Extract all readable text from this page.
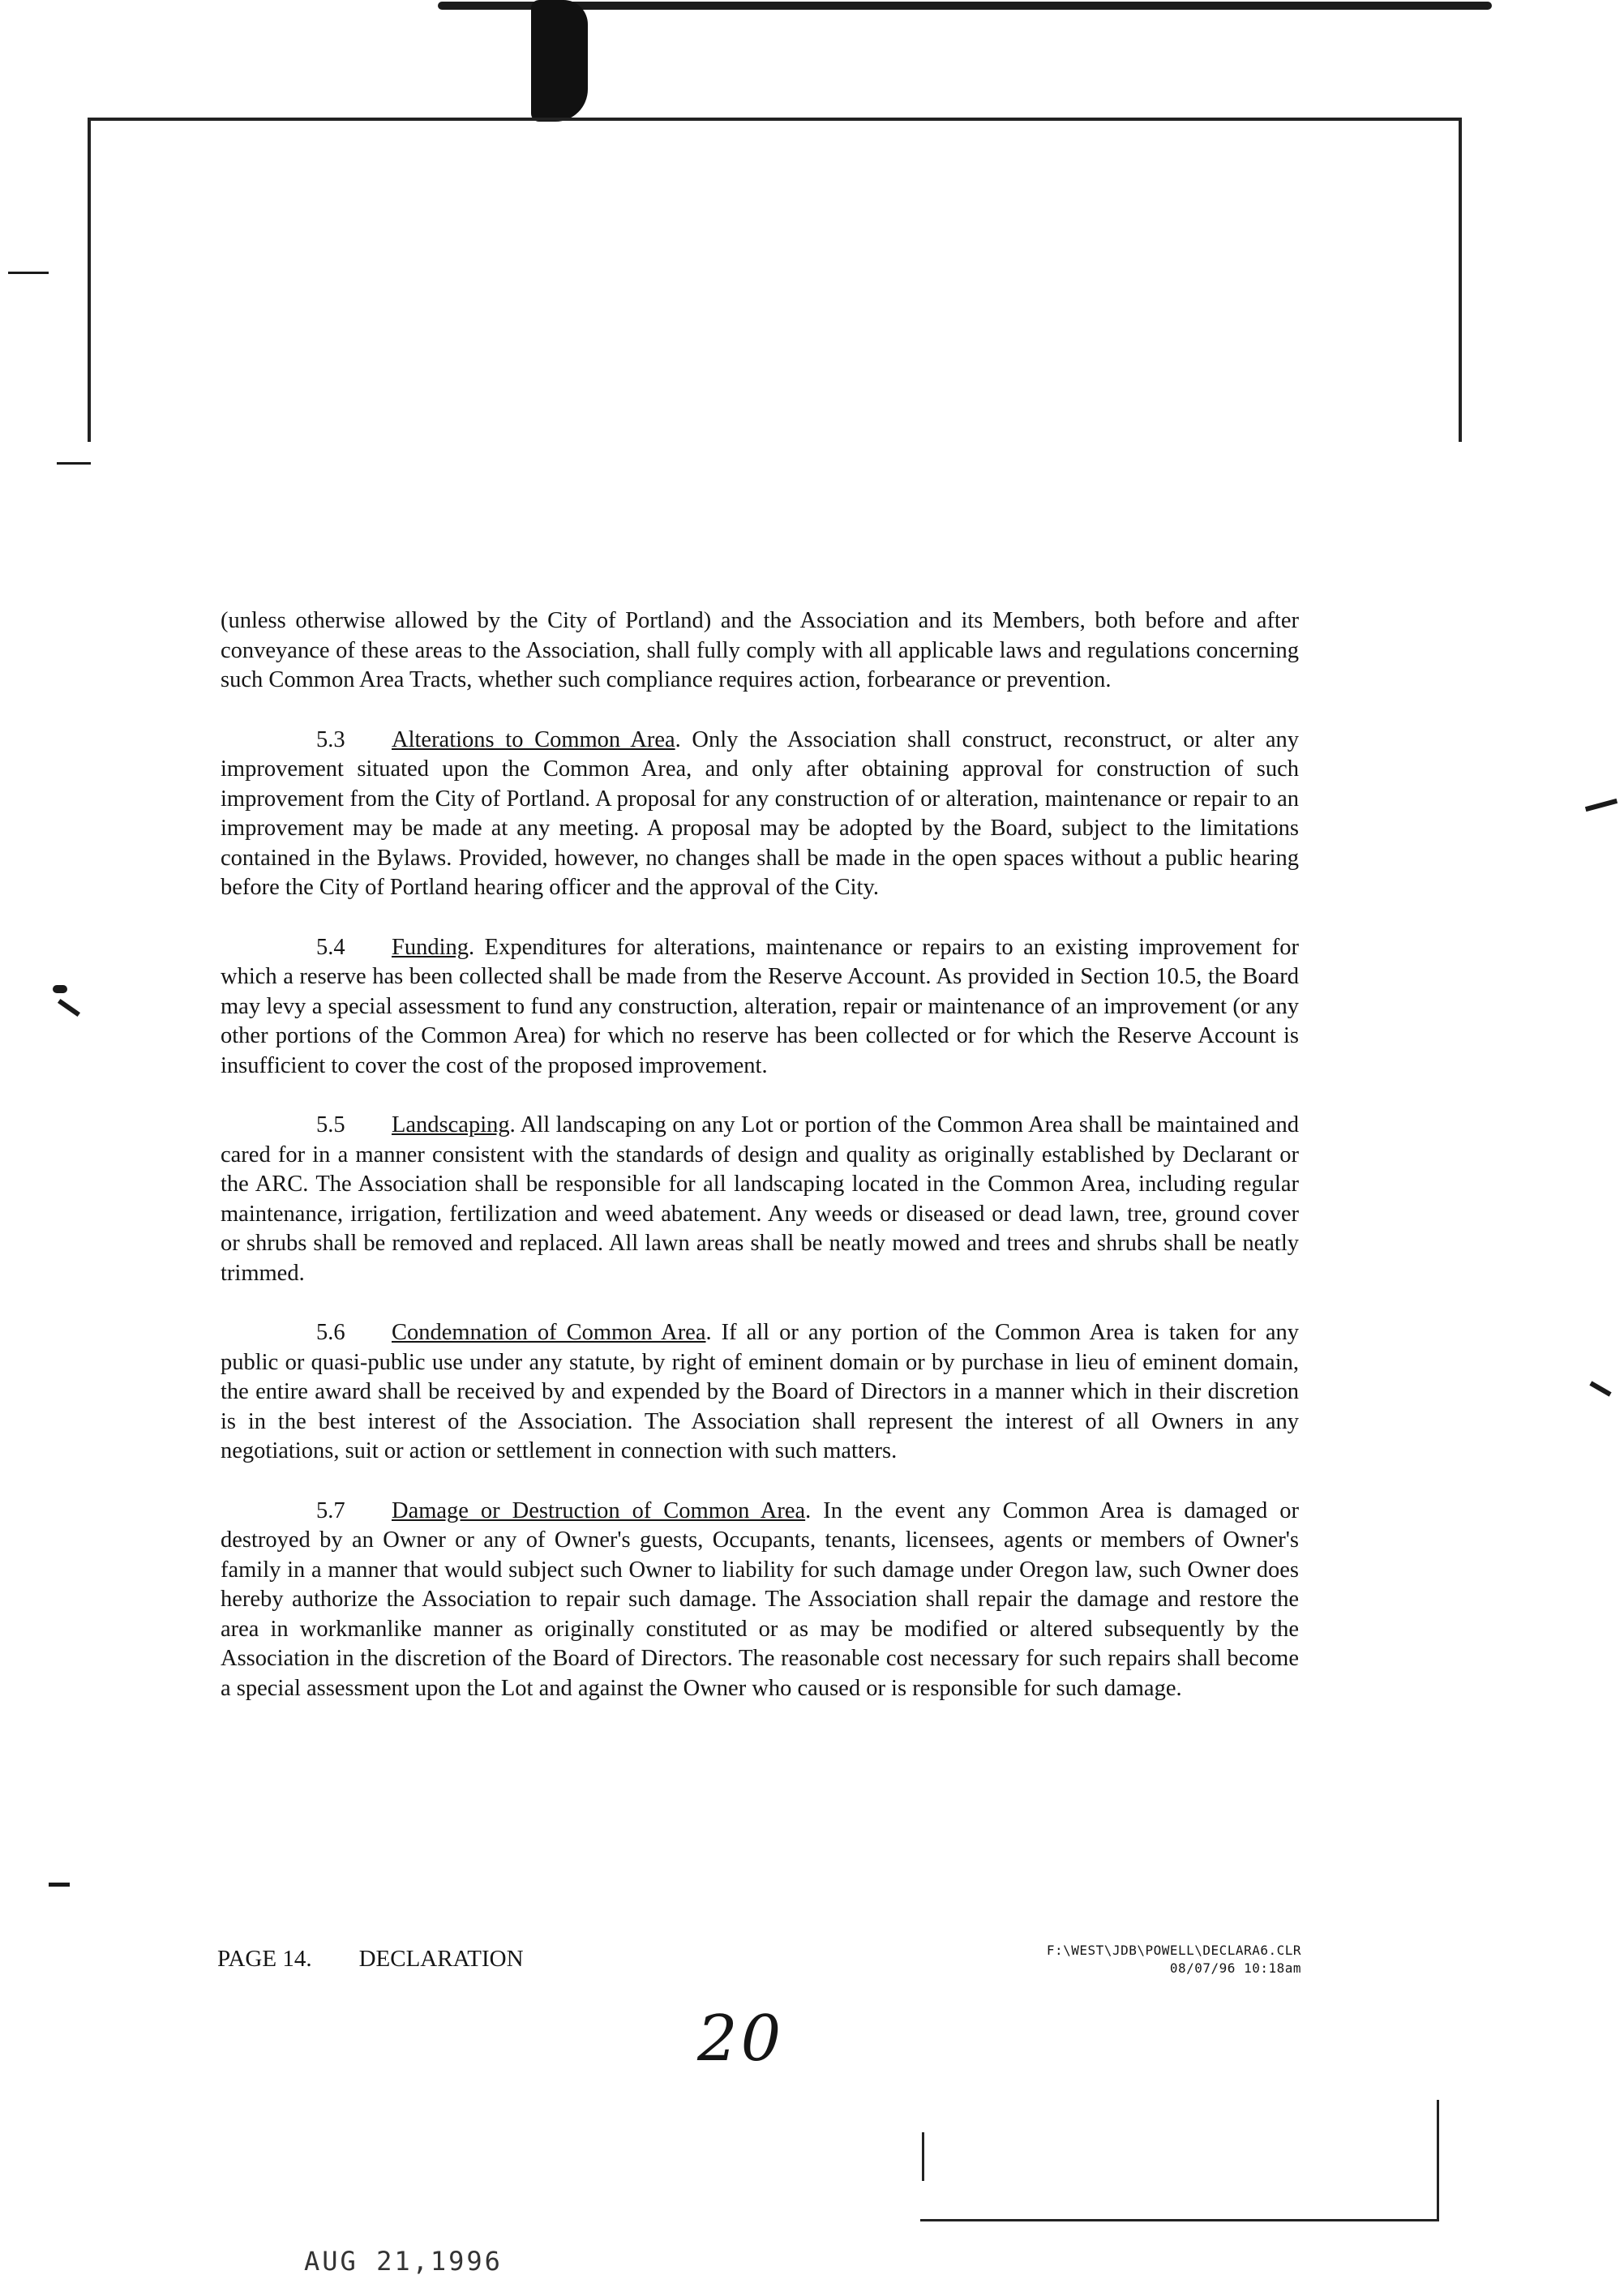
(unless otherwise allowed by the City of Portland) and the Association and its Members, both before and after conveyance of these areas to the Association, shall fully comply with all applicable laws and regulations concerning such Common Area Tracts, whether such compliance requires action, forbearance or prevention.

5.3 Alterations to Common Area. Only the Association shall construct, reconstruct, or alter any improvement situated upon the Common Area, and only after obtaining approval for construction of such improvement from the City of Portland. A proposal for any construction of or alteration, maintenance or repair to an improvement may be made at any meeting. A proposal may be adopted by the Board, subject to the limitations contained in the Bylaws. Provided, however, no changes shall be made in the open spaces without a public hearing before the City of Portland hearing officer and the approval of the City.

5.4 Funding. Expenditures for alterations, maintenance or repairs to an existing improvement for which a reserve has been collected shall be made from the Reserve Account. As provided in Section 10.5, the Board may levy a special assessment to fund any construction, alteration, repair or maintenance of an improvement (or any other portions of the Common Area) for which no reserve has been collected or for which the Reserve Account is insufficient to cover the cost of the proposed improvement.

5.5 Landscaping. All landscaping on any Lot or portion of the Common Area shall be maintained and cared for in a manner consistent with the standards of design and quality as originally established by Declarant or the ARC. The Association shall be responsible for all landscaping located in the Common Area, including regular maintenance, irrigation, fertilization and weed abatement. Any weeds or diseased or dead lawn, tree, ground cover or shrubs shall be removed and replaced. All lawn areas shall be neatly mowed and trees and shrubs shall be neatly trimmed.

5.6 Condemnation of Common Area. If all or any portion of the Common Area is taken for any public or quasi-public use under any statute, by right of eminent domain or by purchase in lieu of eminent domain, the entire award shall be received by and expended by the Board of Directors in a manner which in their discretion is in the best interest of the Association. The Association shall represent the interest of all Owners in any negotiations, suit or action or settlement in connection with such matters.

5.7 Damage or Destruction of Common Area. In the event any Common Area is damaged or destroyed by an Owner or any of Owner's guests, Occupants, tenants, licensees, agents or members of Owner's family in a manner that would subject such Owner to liability for such damage under Oregon law, such Owner does hereby authorize the Association to repair such damage. The Association shall repair the damage and restore the area in workmanlike manner as originally constituted or as may be modified or altered subsequently by the Association in the discretion of the Board of Directors. The reasonable cost necessary for such repairs shall become a special assessment upon the Lot and against the Owner who caused or is responsible for such damage.

PAGE 14. DECLARATION	F:\WEST\JDB\POWELL\DECLARA6.CLR
08/07/96 10:18am
20
AUG 21,1996
